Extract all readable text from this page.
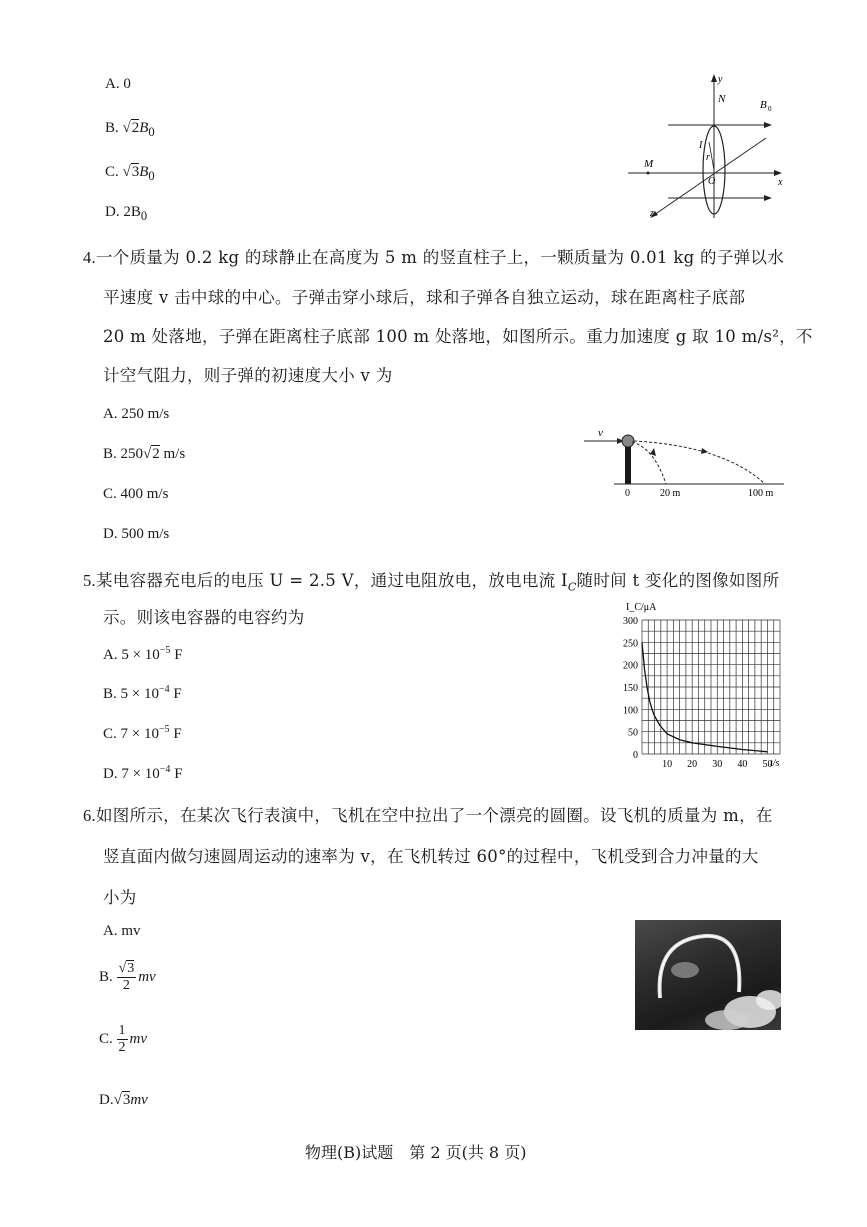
A. 0
B. $√2B_0$
C. $√3B_0$
D. $2B_0$
y
N	B 0
x
M
z
I
r
O
4.一个质量为 0.2 kg 的球静止在高度为 5 m 的竖直柱子上，一颗质量为 0.01 kg 的子弹以水
平速度 v 击中球的中心。子弹击穿小球后，球和子弹各自独立运动，球在距离柱子底部
20 m 处落地，子弹在距离柱子底部 100 m 处落地，如图所示。重力加速度 g 取 10 m/s²，不
计空气阻力，则子弹的初速度大小 v 为
A. 250 m/s
B. 250√2 m/s
C. 400 m/s
D. 500 m/s
v
0	20 m	100 m
5.某电容器充电后的电压 U = 2.5 V，通过电阻放电，放电电流 $I_C$随时间 t 变化的图像如图所
示。则该电容器的电容约为
A. $5 \times 10^{-5}$ F
B. $5 \times 10^{-4}$ F
C. $7 \times 10^{-5}$ F
D. $7 \times 10^{-4}$ F
0
50
100
150
200
250
300
10 20 30 40 50
I_C/μA
t/s
6.如图所示，在某次飞行表演中，飞机在空中拉出了一个漂亮的圆圈。设飞机的质量为 m，在
竖直面内做匀速圆周运动的速率为 v，在飞机转过 60°的过程中，飞机受到合力冲量的大
小为
A. mv
B. $\frac{√3}{2}$ mv
C. $\frac{1}{2}$ mv
D.√3mv
物理(B)试题　第 2 页(共 8 页)
